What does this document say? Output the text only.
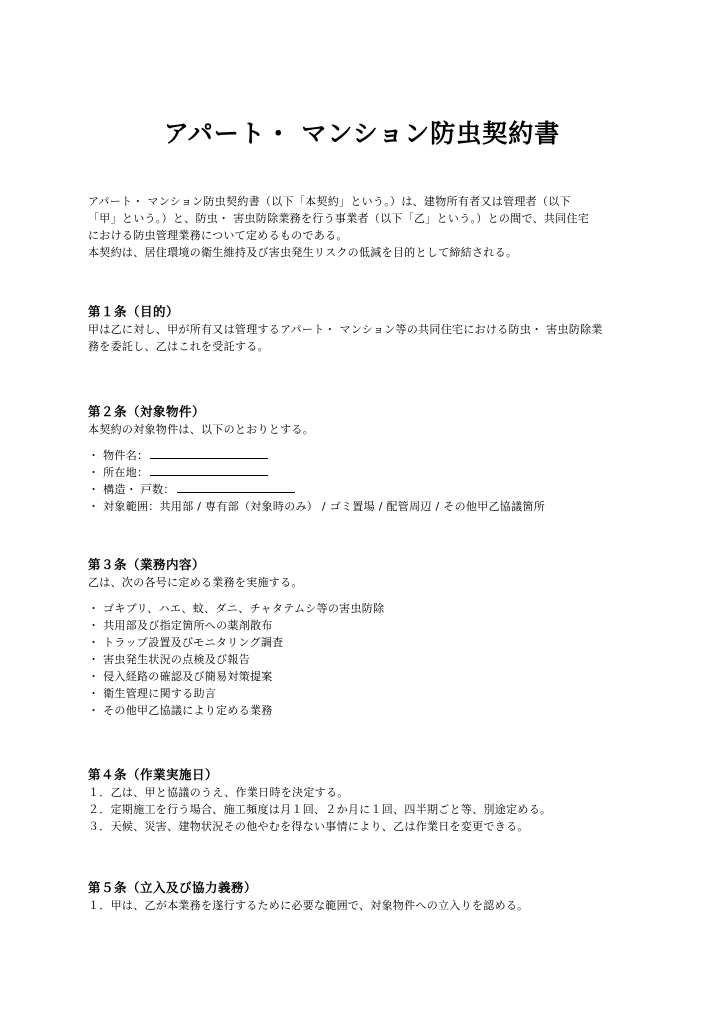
アパート・ マンション防虫契約書
アパート・ マンション防虫契約書（以下「本契約」という。）は、建物所有者又は管理者（以下
「甲」という。）と、防虫・ 害虫防除業務を行う事業者（以下「乙」という。）との間で、共同住宅
における防虫管理業務について定めるものである。
本契約は、居住環境の衛生維持及び害虫発生リスクの低減を目的として締結される。
第１条（目的）
甲は乙に対し、甲が所有又は管理するアパート・ マンション等の共同住宅における防虫・ 害虫防除業
務を委託し、乙はこれを受託する。
第２条（対象物件）
本契約の対象物件は、以下のとおりとする。
・ 物件名：
・ 所在地：
・ 構造・ 戸数：
・ 対象範囲：共用部 / 専有部（対象時のみ） / ゴミ置場 / 配管周辺 / その他甲乙協議箇所
第３条（業務内容）
乙は、次の各号に定める業務を実施する。
・ ゴキブリ、ハエ、蚊、ダニ、チャタテムシ等の害虫防除
・ 共用部及び指定箇所への薬剤散布
・ トラップ設置及びモニタリング調査
・ 害虫発生状況の点検及び報告
・ 侵入経路の確認及び簡易対策提案
・ 衛生管理に関する助言
・ その他甲乙協議により定める業務
第４条（作業実施日）
１．乙は、甲と協議のうえ、作業日時を決定する。
２．定期施工を行う場合、施工頻度は月１回、２か月に１回、四半期ごと等、別途定める。
３．天候、災害、建物状況その他やむを得ない事情により、乙は作業日を変更できる。
第５条（立入及び協力義務）
１．甲は、乙が本業務を遂行するために必要な範囲で、対象物件への立入りを認める。
